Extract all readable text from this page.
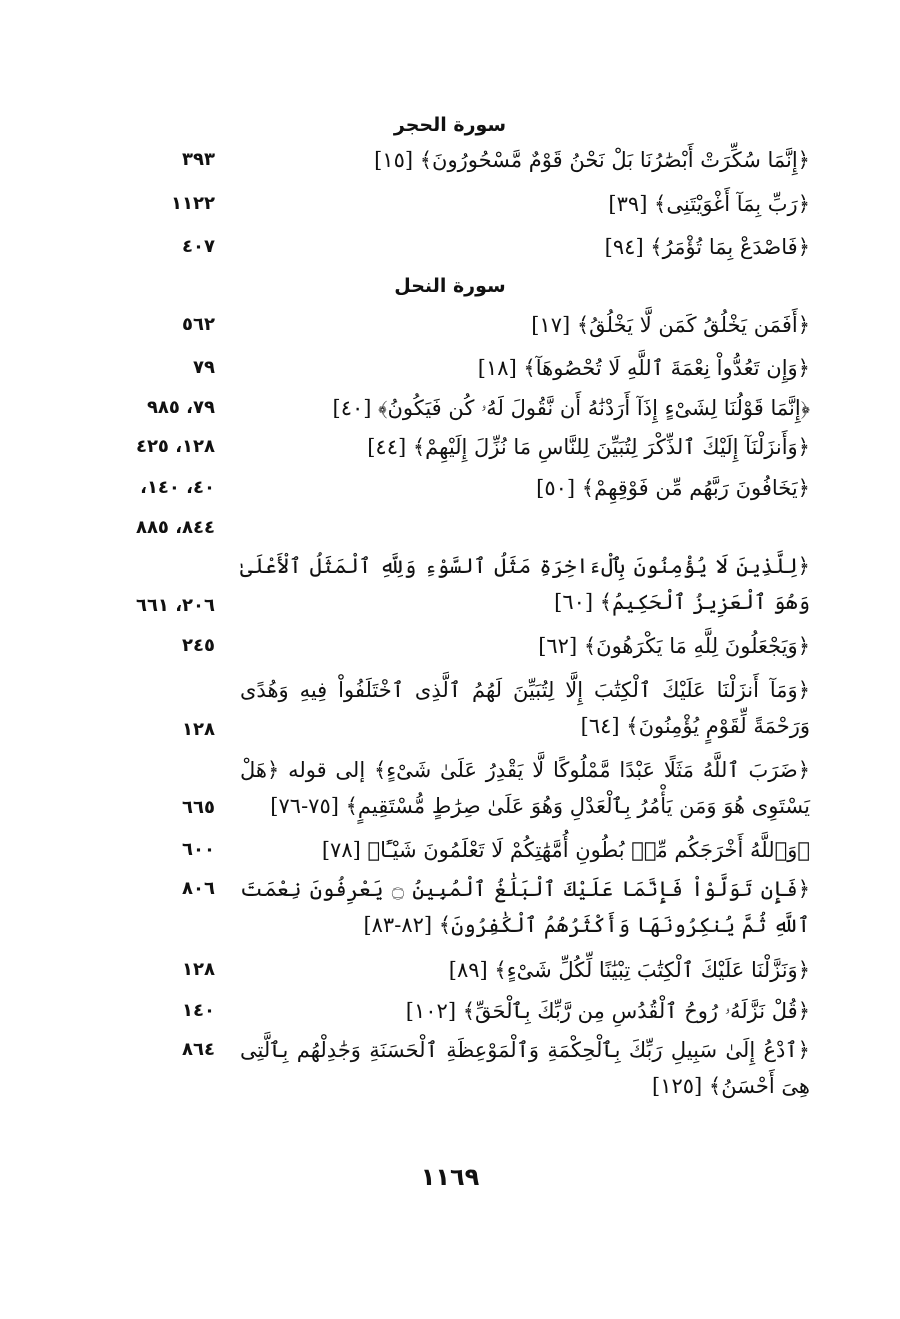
سورة الحجر
﴿إِنَّمَا سُكِّرَتْ أَبْصَٰرُنَا بَلْ نَحْنُ قَوْمٌ مَّسْحُورُونَ﴾ [١٥]
٣٩٣
﴿رَبِّ بِمَآ أَغْوَيْتَنِى﴾ [٣٩]
١١٢٢
﴿فَاصْدَعْ بِمَا تُؤْمَرُ﴾ [٩٤]
٤٠٧
سورة النحل
﴿أَفَمَن يَخْلُقُ كَمَن لَّا يَخْلُقُ﴾ [١٧]
٥٦٢
﴿وَإِن تَعُدُّواْ نِعْمَةَ ٱللَّهِ لَا تُحْصُوهَآ﴾ [١٨]
٧٩
﴿إِنَّمَا قَوْلُنَا لِشَىْءٍ إِذَآ أَرَدْنَٰهُ أَن نَّقُولَ لَهُۥ كُن فَيَكُونُ﴾ [٤٠]
٧٩، ٩٨٥
﴿وَأَنزَلْنَآ إِلَيْكَ ٱلذِّكْرَ لِتُبَيِّنَ لِلنَّاسِ مَا نُزِّلَ إِلَيْهِمْ﴾ [٤٤]
١٢٨، ٤٢٥
﴿يَخَافُونَ رَبَّهُم مِّن فَوْقِهِمْ﴾ [٥٠]
٤٠، ١٤٠،
٨٤٤، ٨٨٥
﴿لِلَّذِينَ لَا يُؤْمِنُونَ بِٱلْءَاخِرَةِ مَثَلُ ٱلسَّوْءِ وَلِلَّهِ ٱلْمَثَلُ ٱلْأَعْلَىٰ وَهُوَ ٱلْعَزِيزُ ٱلْحَكِيمُ﴾ [٦٠]
٢٠٦، ٦٦١
﴿وَيَجْعَلُونَ لِلَّهِ مَا يَكْرَهُونَ﴾ [٦٢]
٢٤٥
﴿وَمَآ أَنزَلْنَا عَلَيْكَ ٱلْكِتَٰبَ إِلَّا لِتُبَيِّنَ لَهُمُ ٱلَّذِى ٱخْتَلَفُواْ فِيهِ وَهُدًى وَرَحْمَةً لِّقَوْمٍ يُؤْمِنُونَ﴾ [٦٤]
١٢٨
﴿ضَرَبَ ٱللَّهُ مَثَلًا عَبْدًا مَّمْلُوكًا لَّا يَقْدِرُ عَلَىٰ شَىْءٍ﴾ إلى قوله ﴿هَلْ يَسْتَوِى هُوَ وَمَن يَأْمُرُ بِٱلْعَدْلِ وَهُوَ عَلَىٰ صِرَٰطٍ مُّسْتَقِيمٍ﴾ [٧٥-٧٦]
٦٦٥
﴿وَٱللَّهُ أَخْرَجَكُم مِّنۢ بُطُونِ أُمَّهَٰتِكُمْ لَا تَعْلَمُونَ شَيْـًٔا﴾ [٧٨]
٦٠٠
﴿فَإِن تَوَلَّوْاْ فَإِنَّمَا عَلَيْكَ ٱلْبَلَٰغُ ٱلْمُبِينُ ۝ يَعْرِفُونَ نِعْمَتَ ٱللَّهِ ثُمَّ يُنكِرُونَهَا وَأَكْثَرُهُمُ ٱلْكَٰفِرُونَ﴾ [٨٢-٨٣]
٨٠٦
﴿وَنَزَّلْنَا عَلَيْكَ ٱلْكِتَٰبَ تِبْيَٰنًا لِّكُلِّ شَىْءٍ﴾ [٨٩]
١٢٨
﴿قُلْ نَزَّلَهُۥ رُوحُ ٱلْقُدُسِ مِن رَّبِّكَ بِٱلْحَقِّ﴾ [١٠٢]
١٤٠
﴿ٱدْعُ إِلَىٰ سَبِيلِ رَبِّكَ بِٱلْحِكْمَةِ وَٱلْمَوْعِظَةِ ٱلْحَسَنَةِ وَجَٰدِلْهُم بِٱلَّتِى هِىَ أَحْسَنُ﴾ [١٢٥]
٨٦٤
١١٦٩
